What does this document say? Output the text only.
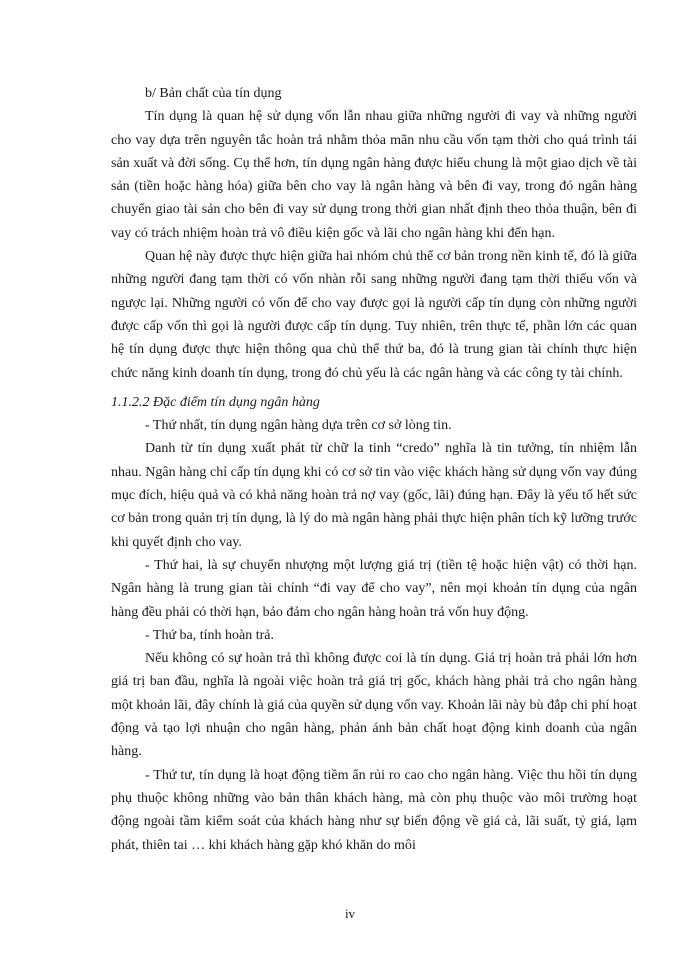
b/ Bản chất của tín dụng

Tín dụng là quan hệ sử dụng vốn lẫn nhau giữa những người đi vay và những người cho vay dựa trên nguyên tắc hoàn trả nhằm thỏa mãn nhu cầu vốn tạm thời cho quá trình tái sản xuất và đời sống. Cụ thể hơn, tín dụng ngân hàng được hiểu chung là một giao dịch về tài sản (tiền hoặc hàng hóa) giữa bên cho vay là ngân hàng và bên đi vay, trong đó ngân hàng chuyển giao tài sản cho bên đi vay sử dụng trong thời gian nhất định theo thỏa thuận, bên đi vay có trách nhiệm hoàn trả vô điều kiện gốc và lãi cho ngân hàng khi đến hạn.

Quan hệ này được thực hiện giữa hai nhóm chủ thể cơ bản trong nền kinh tế, đó là giữa những người đang tạm thời có vốn nhàn rỗi sang những người đang tạm thời thiếu vốn và ngược lại. Những người có vốn để cho vay được gọi là người cấp tín dụng còn những người được cấp vốn thì gọi là người được cấp tín dụng. Tuy nhiên, trên thực tế, phần lớn các quan hệ tín dụng được thực hiện thông qua chủ thể thứ ba, đó là trung gian tài chính thực hiện chức năng kinh doanh tín dụng, trong đó chủ yếu là các ngân hàng và các công ty tài chính.

1.1.2.2 Đặc điểm tín dụng ngân hàng

- Thứ nhất, tín dụng ngân hàng dựa trên cơ sở lòng tin.

Danh từ tín dụng xuất phát từ chữ la tinh “credo” nghĩa là tin tưởng, tín nhiệm lẫn nhau. Ngân hàng chỉ cấp tín dụng khi có cơ sở tin vào việc khách hàng sử dụng vốn vay đúng mục đích, hiệu quả và có khả năng hoàn trả nợ vay (gốc, lãi) đúng hạn. Đây là yếu tố hết sức cơ bản trong quản trị tín dụng, là lý do mà ngân hàng phải thực hiện phân tích kỹ lưỡng trước khi quyết định cho vay.

- Thứ hai, là sự chuyển nhượng một lượng giá trị (tiền tệ hoặc hiện vật) có thời hạn. Ngân hàng là trung gian tài chính “đi vay để cho vay”, nên mọi khoản tín dụng của ngân hàng đều phải có thời hạn, bảo đảm cho ngân hàng hoàn trả vốn huy động.

- Thứ ba, tính hoàn trả.

Nếu không có sự hoàn trả thì không được coi là tín dụng. Giá trị hoàn trả phải lớn hơn giá trị ban đầu, nghĩa là ngoài việc hoàn trả giá trị gốc, khách hàng phải trả cho ngân hàng một khoản lãi, đây chính là giá của quyền sử dụng vốn vay. Khoản lãi này bù đắp chi phí hoạt động và tạo lợi nhuận cho ngân hàng, phản ánh bản chất hoạt động kinh doanh của ngân hàng.

- Thứ tư, tín dụng là hoạt động tiềm ẩn rủi ro cao cho ngân hàng. Việc thu hồi tín dụng phụ thuộc không những vào bản thân khách hàng, mà còn phụ thuộc vào môi trường hoạt động ngoài tầm kiểm soát của khách hàng như sự biến động về giá cả, lãi suất, tỷ giá, lạm phát, thiên tai … khi khách hàng gặp khó khăn do môi

iv
